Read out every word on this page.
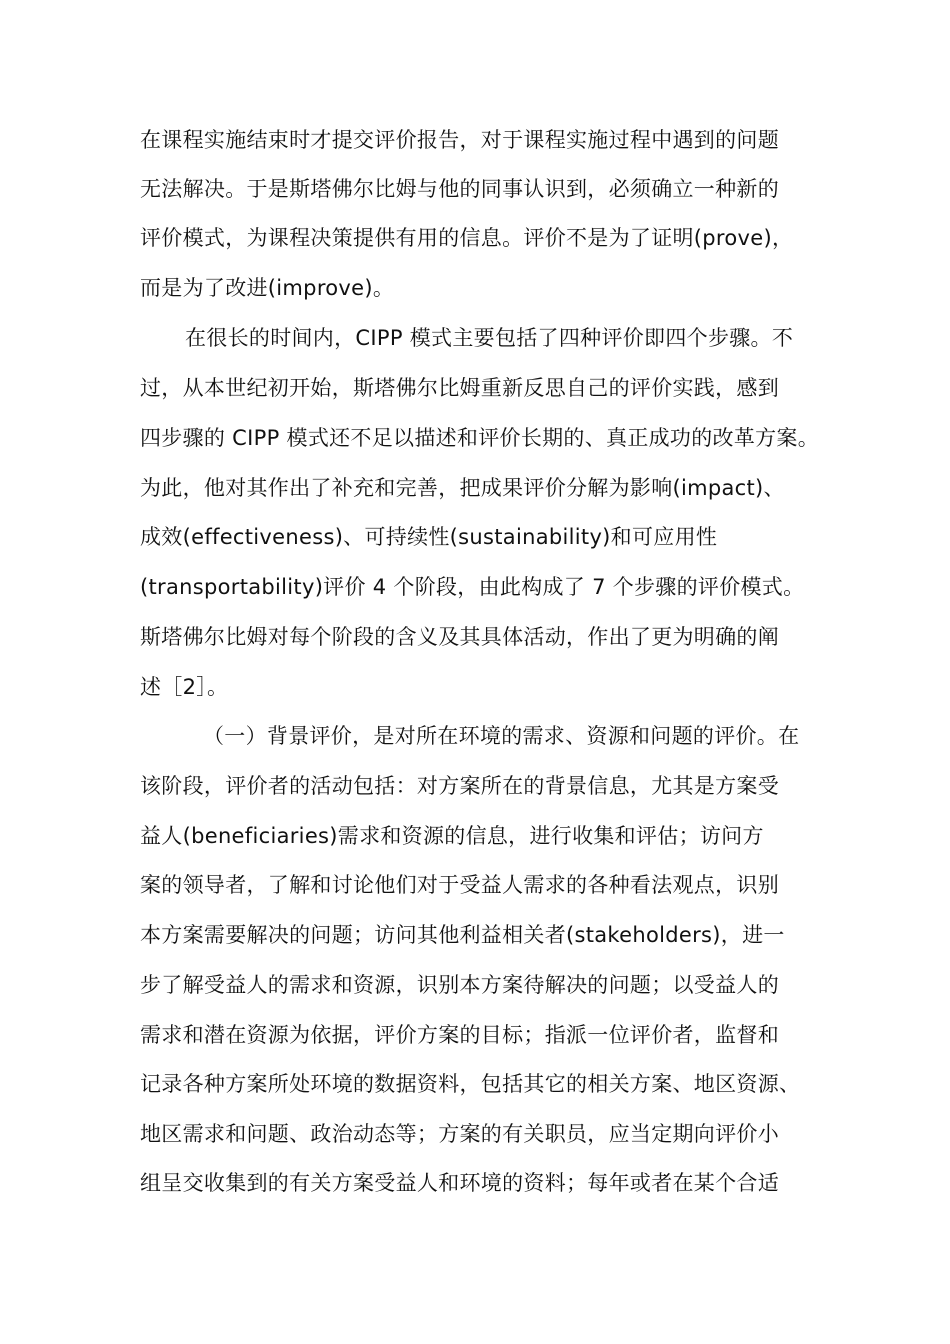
在课程实施结束时才提交评价报告，对于课程实施过程中遇到的问题
无法解决。于是斯塔佛尔比姆与他的同事认识到，必须确立一种新的
评价模式，为课程决策提供有用的信息。评价不是为了证明(prove)，
而是为了改进(improve)。
在很长的时间内，CIPP 模式主要包括了四种评价即四个步骤。不
过，从本世纪初开始，斯塔佛尔比姆重新反思自己的评价实践，感到
四步骤的 CIPP 模式还不足以描述和评价长期的、真正成功的改革方案。
为此，他对其作出了补充和完善，把成果评价分解为影响(impact)、
成效(effectiveness)、可持续性(sustainability)和可应用性
(transportability)评价 4 个阶段，由此构成了 7 个步骤的评价模式。
斯塔佛尔比姆对每个阶段的含义及其具体活动，作出了更为明确的阐
述［2］。
（一）背景评价，是对所在环境的需求、资源和问题的评价。在
该阶段，评价者的活动包括：对方案所在的背景信息，尤其是方案受
益人(beneficiaries)需求和资源的信息，进行收集和评估；访问方
案的领导者，了解和讨论他们对于受益人需求的各种看法观点，识别
本方案需要解决的问题；访问其他利益相关者(stakeholders)，进一
步了解受益人的需求和资源，识别本方案待解决的问题；以受益人的
需求和潜在资源为依据，评价方案的目标；指派一位评价者，监督和
记录各种方案所处环境的数据资料，包括其它的相关方案、地区资源、
地区需求和问题、政治动态等；方案的有关职员，应当定期向评价小
组呈交收集到的有关方案受益人和环境的资料；每年或者在某个合适
